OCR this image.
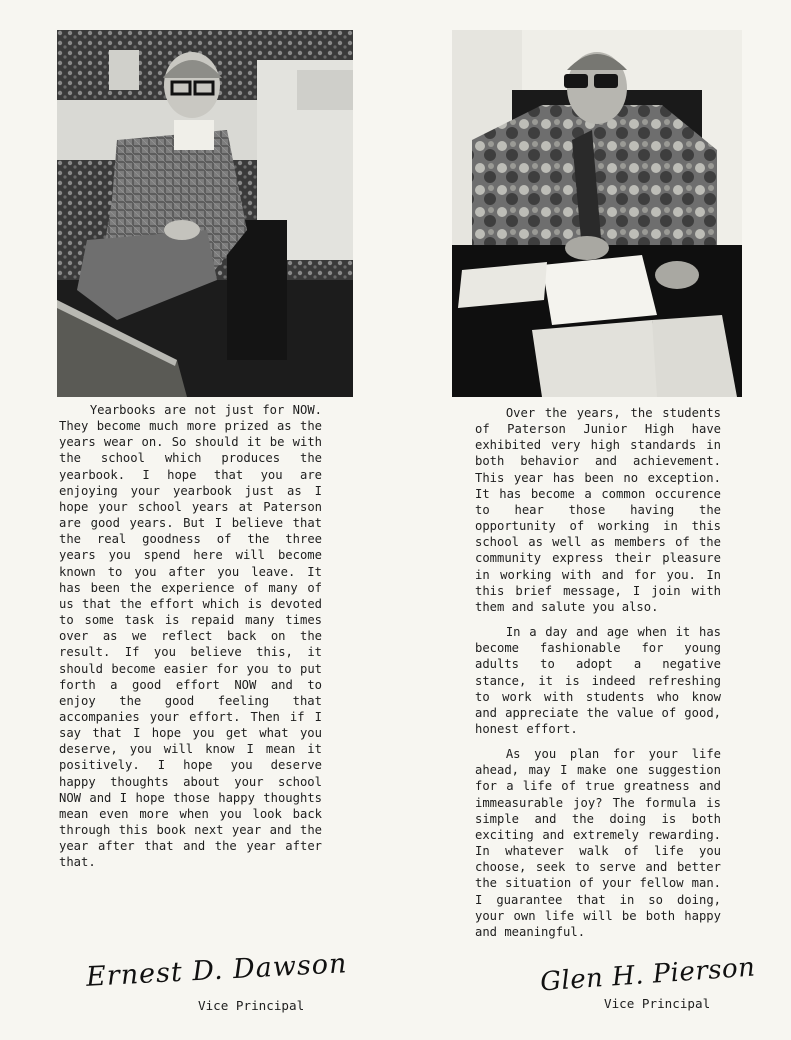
Yearbooks are not just for NOW. They become much more prized as the years wear on. So should it be with the school which produces the yearbook. I hope that you are enjoying your yearbook just as I hope your school years at Paterson are good years. But I believe that the real goodness of the three years you spend here will become known to you after you leave. It has been the experience of many of us that the effort which is devoted to some task is repaid many times over as we reflect back on the result. If you believe this, it should become easier for you to put forth a good effort NOW and to enjoy the good feeling that accompanies your effort. Then if I say that I hope you get what you deserve, you will know I mean it positively. I hope you deserve happy thoughts about your school NOW and I hope those happy thoughts mean even more when you look back through this book next year and the year after that and the year after that.

Over the years, the students of Paterson Junior High have exhibited very high standards in both behavior and achievement. This year has been no exception. It has become a common occurence to hear those having the opportunity of working in this school as well as members of the community express their pleasure in working with and for you. In this brief message, I join with them and salute you also.

In a day and age when it has become fashionable for young adults to adopt a negative stance, it is indeed refreshing to work with students who know and appreciate the value of good, honest effort.

As you plan for your life ahead, may I make one suggestion for a life of true greatness and immeasurable joy? The formula is simple and the doing is both exciting and extremely rewarding. In whatever walk of life you choose, seek to serve and better the situation of your fellow man. I guarantee that in so doing, your own life will be both happy and meaningful.

Ernest D. Dawson
Vice Principal
Glen H. Pierson
Vice Principal
